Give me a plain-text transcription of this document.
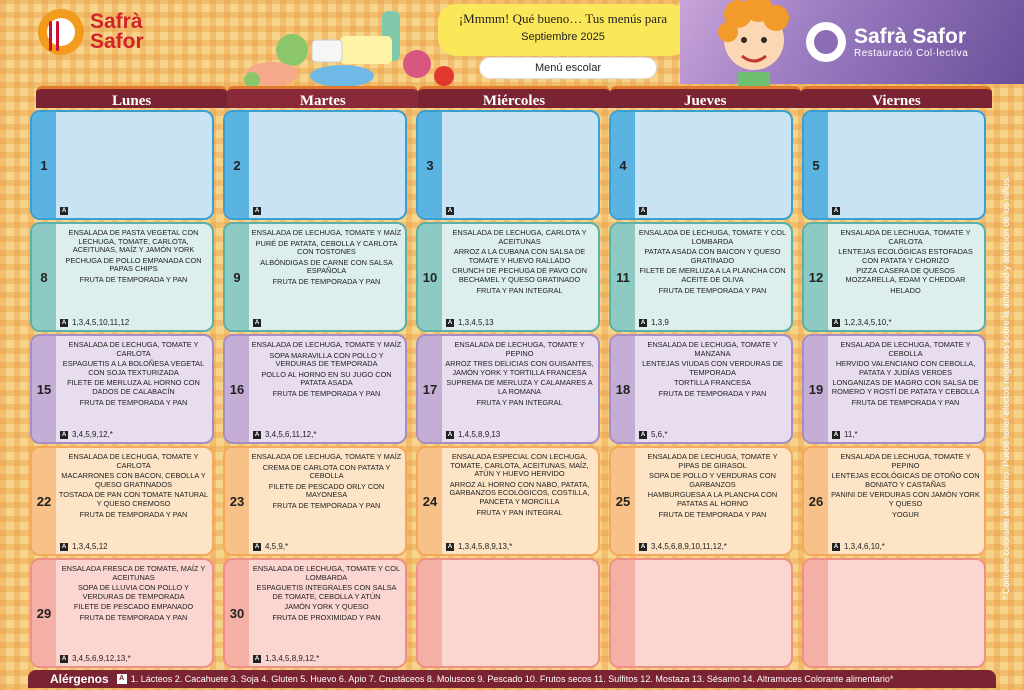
Safrà
Safor
¡Mmmm! Qué bueno… Tus menús para
Septiembre 2025
Menú escolar
Safrà Safor
Restauració Col·lectiva
Lunes	Martes	Miércoles	Jueves	Viernes
1
A
2
A
3
A
4
A
5
A
8

ENSALADA DE PASTA VEGETAL CON LECHUGA, TOMATE, CARLOTA, ACEITUNAS, MAÍZ Y JAMÓN YORK

PECHUGA DE POLLO EMPANADA CON PAPAS CHIPS

FRUTA DE TEMPORADA Y PAN

A 1,3,4,5,10,11,12
9

ENSALADA DE LECHUGA, TOMATE Y MAÍZ

PURÉ DE PATATA, CEBOLLA Y CARLOTA CON TOSTONES

ALBÓNDIGAS DE CARNE CON SALSA ESPAÑOLA

FRUTA DE TEMPORADA Y PAN

A
10

ENSALADA DE LECHUGA, CARLOTA Y ACEITUNAS

ARROZ A LA CUBANA CON SALSA DE TOMATE Y HUEVO RALLADO

CRUNCH DE PECHUGA DE PAVO CON BECHAMEL Y QUESO GRATINADO

FRUTA Y PAN INTEGRAL

A 1,3,4,5,13
11

ENSALADA DE LECHUGA, TOMATE Y COL LOMBARDA

PATATA ASADA CON BAICON Y QUESO GRATINADO

FILETE DE MERLUZA A LA PLANCHA CON ACEITE DE OLIVA

FRUTA DE TEMPORADA Y PAN

A 1,3,9
12

ENSALADA DE LECHUGA, TOMATE Y CARLOTA

LENTEJAS ECOLÓGICAS ESTOFADAS CON PATATA Y CHORIZO

PIZZA CASERA DE QUESOS MOZZARELLA, EDAM Y CHEDDAR

HELADO

A 1,2,3,4,5,10,*
15

ENSALADA DE LECHUGA, TOMATE Y CARLOTA

ESPAGUETIS A LA BOLOÑESA VEGETAL CON SOJA TEXTURIZADA

FILETE DE MERLUZA AL HORNO CON DADOS DE CALABACÍN

FRUTA DE TEMPORADA Y PAN

A 3,4,5,9,12,*
16

ENSALADA DE LECHUGA, TOMATE Y MAÍZ

SOPA MARAVILLA CON POLLO Y VERDURAS DE TEMPORADA

POLLO AL HORNO EN SU JUGO CON PATATA ASADA

FRUTA DE TEMPORADA Y PAN

A 3,4,5,6,11,12,*
17

ENSALADA DE LECHUGA, TOMATE Y PEPINO

ARROZ TRES DELICIAS CON GUISANTES, JAMÓN YORK Y TORTILLA FRANCESA

SUPREMA DE MERLUZA Y CALAMARES A LA ROMANA

FRUTA Y PAN INTEGRAL

A 1,4,5,8,9,13
18

ENSALADA DE LECHUGA, TOMATE Y MANZANA

LENTEJAS VIUDAS CON VERDURAS DE TEMPORADA

TORTILLA FRANCESA

FRUTA DE TEMPORADA Y PAN

A 5,6,*
19

ENSALADA DE LECHUGA, TOMATE Y CEBOLLA

HERVIDO VALENCIANO CON CEBOLLA, PATATA Y JUDÍAS VERDES

LONGANIZAS DE MAGRO CON SALSA DE ROMERO Y ROSTÍ DE PATATA Y CEBOLLA

FRUTA DE TEMPORADA Y PAN

A 11,*
22

ENSALADA DE LECHUGA, TOMATE Y CARLOTA

MACARRONES CON BACON, CEBOLLA Y QUESO GRATINADOS

TOSTADA DE PAN CON TOMATE NATURAL Y QUESO CREMOSO

FRUTA DE TEMPORADA Y PAN

A 1,3,4,5,12
23

ENSALADA DE LECHUGA, TOMATE Y MAÍZ

CREMA DE CARLOTA CON PATATA Y CEBOLLA

FILETE DE PESCADO ORLY CON MAYONESA

FRUTA DE TEMPORADA Y PAN

A 4,5,9,*
24

ENSALADA ESPECIAL CON LECHUGA, TOMATE, CARLOTA, ACEITUNAS, MAÍZ, ATÚN Y HUEVO HERVIDO

ARROZ AL HORNO CON NABO, PATATA, GARBANZOS ECOLÓGICOS, COSTILLA, PANCETA Y MORCILLA

FRUTA Y PAN INTEGRAL

A 1,3,4,5,8,9,13,*
25

ENSALADA DE LECHUGA, TOMATE Y PIPAS DE GIRASOL

SOPA DE POLLO Y VERDURAS CON GARBANZOS

HAMBURGUESA A LA PLANCHA CON PATATAS AL HORNO

FRUTA DE TEMPORADA Y PAN

A 3,4,5,6,8,9,10,11,12,*
26

ENSALADA DE LECHUGA, TOMATE Y PEPINO

LENTEJAS ECOLÓGICAS DE OTOÑO CON BONIATO Y CASTAÑAS

PANINI DE VERDURAS CON JAMÓN YORK Y QUESO

YOGUR

A 1,3,4,6,10,*
29

ENSALADA FRESCA DE TOMATE, MAÍZ Y ACEITUNAS

SOPA DE LLUVIA CON POLLO Y VERDURAS DE TEMPORADA

FILETE DE PESCADO EMPANADO

FRUTA DE TEMPORADA Y PAN

A 3,4,5,6,9,12,13,*
30

ENSALADA DE LECHUGA, TOMATE Y COL LOMBARDA

ESPAGUETIS INTEGRALES CON SALSA DE TOMATE, CEBOLLA Y ATÚN

JAMÓN YORK Y QUESO

FRUTA DE PROXIMIDAD Y PAN

A 1,3,4,5,8,9,12,*
* Contiene colorante alimentario. Puede tener efectos negativos sobre la actividad y atención de los niños.
Alérgenos	A 1. Lácteos 2. Cacahuete 3. Soja 4. Gluten 5. Huevo 6. Apio 7. Crustáceos 8. Moluscos 9. Pescado 10. Frutos secos 11. Sulfitos 12. Mostaza 13. Sésamo 14. Altramuces Colorante alimentario*
